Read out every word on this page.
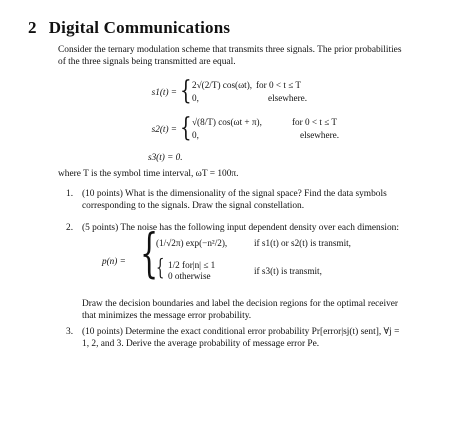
2 Digital Communications
Consider the ternary modulation scheme that transmits three signals. The prior probabilities
of the three signals being transmitted are equal.
s1(t) = { 2√(2/T) cos(ωt), for 0 < t ≤ T
0,	elsewhere.
s2(t) = { √(8/T) cos(ωt + π),	for 0 < t ≤ T
0,	elsewhere.
s3(t) = 0.
where T is the symbol time interval, ωT = 100π.
1. (10 points) What is the dimensionality of the signal space? Find the data symbols
corresponding to the signals. Draw the signal constellation.
2. (5 points) The noise has the following input dependent density over each dimension:
p(n) = {
(1/√2π) exp(−n²/2),	if s1(t) or s2(t) is transmit,
{ 1/2 for|n| ≤ 1
0 otherwise	if s3(t) is transmit,
Draw the decision boundaries and label the decision regions for the optimal receiver
that minimizes the message error probability.
3. (10 points) Determine the exact conditional error probability Pr[error|sj(t) sent], ∀j =
1, 2, and 3. Derive the average probability of message error Pe.
